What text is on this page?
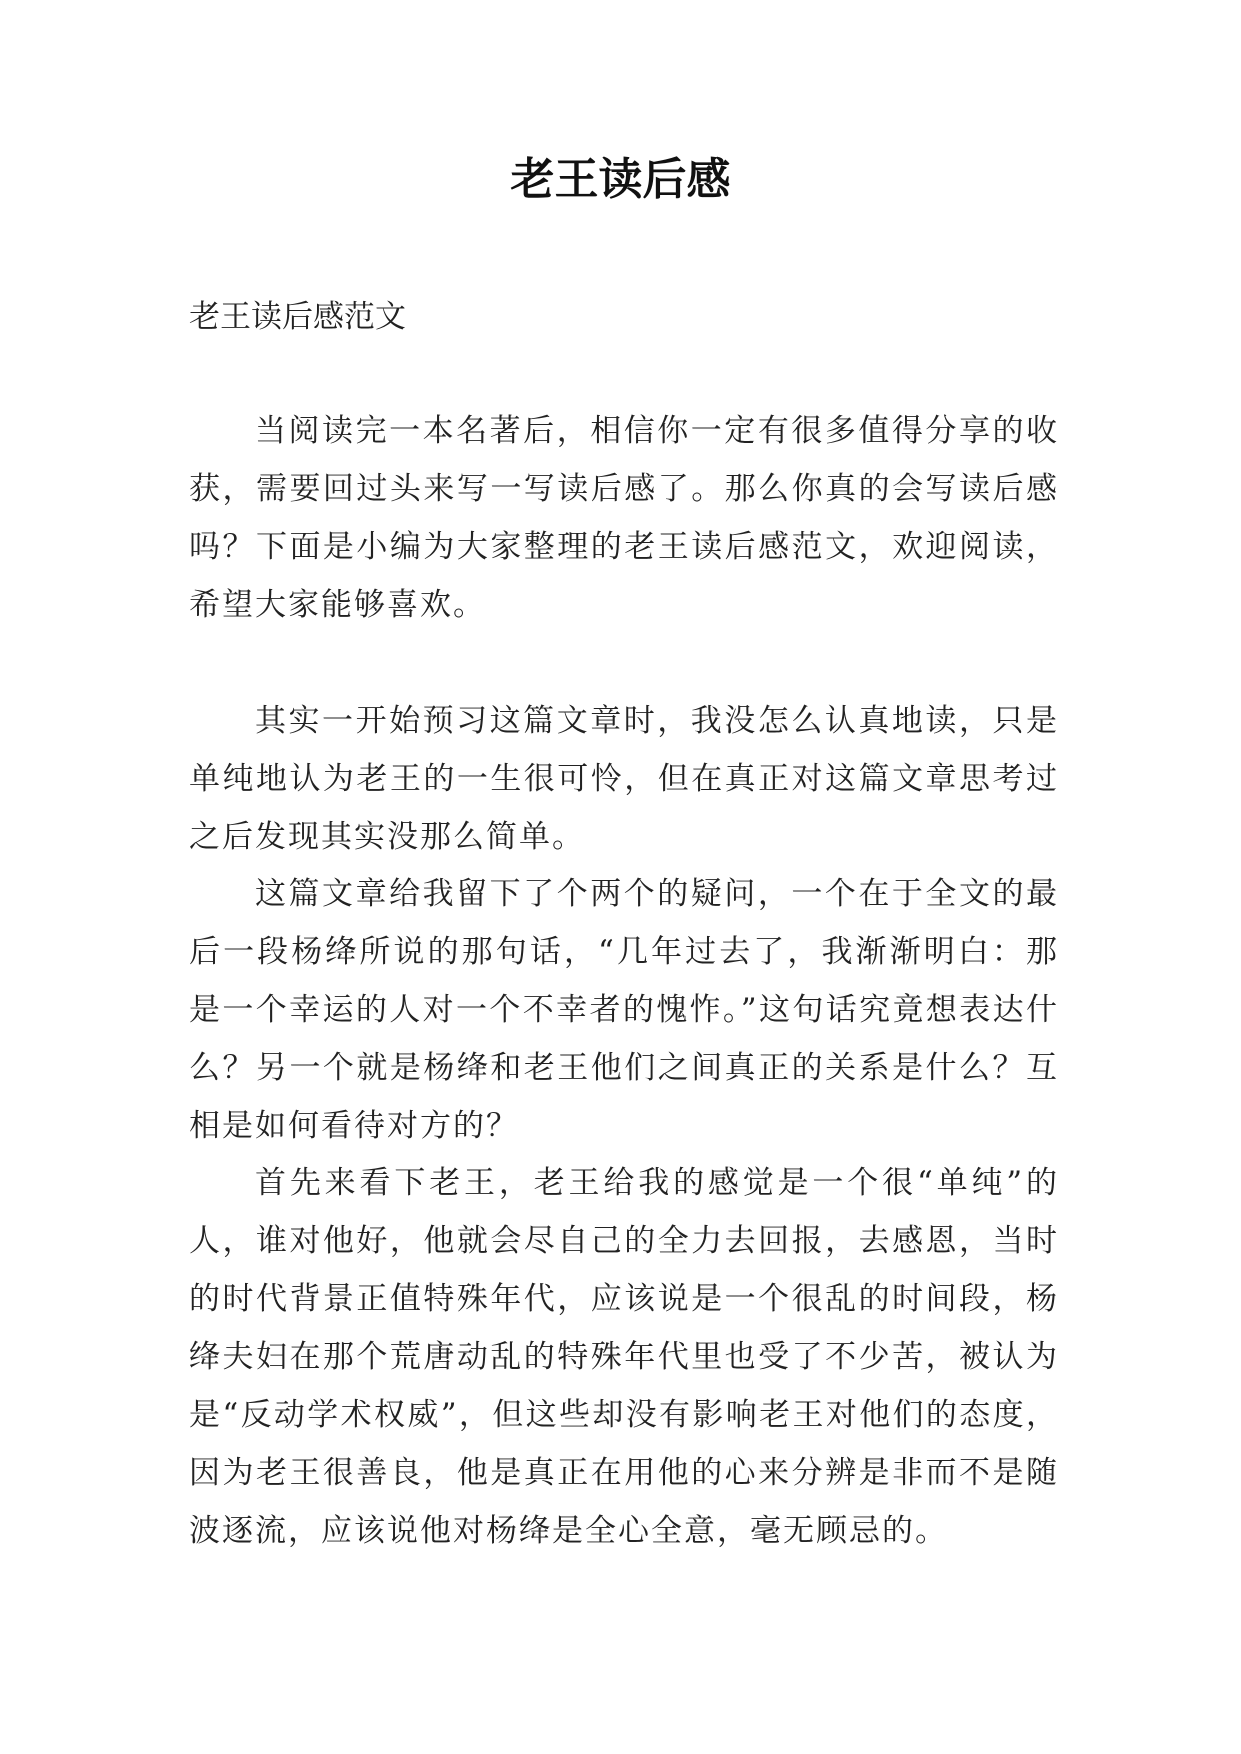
老王读后感

老王读后感范文

当阅读完一本名著后，相信你一定有很多值得分享的收获，需要回过头来写一写读后感了。那么你真的会写读后感吗？下面是小编为大家整理的老王读后感范文，欢迎阅读，希望大家能够喜欢。

其实一开始预习这篇文章时，我没怎么认真地读，只是单纯地认为老王的一生很可怜，但在真正对这篇文章思考过之后发现其实没那么简单。

这篇文章给我留下了个两个的疑问，一个在于全文的最后一段杨绛所说的那句话，“几年过去了，我渐渐明白：那是一个幸运的人对一个不幸者的愧怍。”这句话究竟想表达什么？另一个就是杨绛和老王他们之间真正的关系是什么？互相是如何看待对方的？

首先来看下老王，老王给我的感觉是一个很“单纯”的人，谁对他好，他就会尽自己的全力去回报，去感恩，当时的时代背景正值特殊年代，应该说是一个很乱的时间段，杨绛夫妇在那个荒唐动乱的特殊年代里也受了不少苦，被认为是“反动学术权威”，但这些却没有影响老王对他们的态度，因为老王很善良，他是真正在用他的心来分辨是非而不是随波逐流，应该说他对杨绛是全心全意，毫无顾忌的。
